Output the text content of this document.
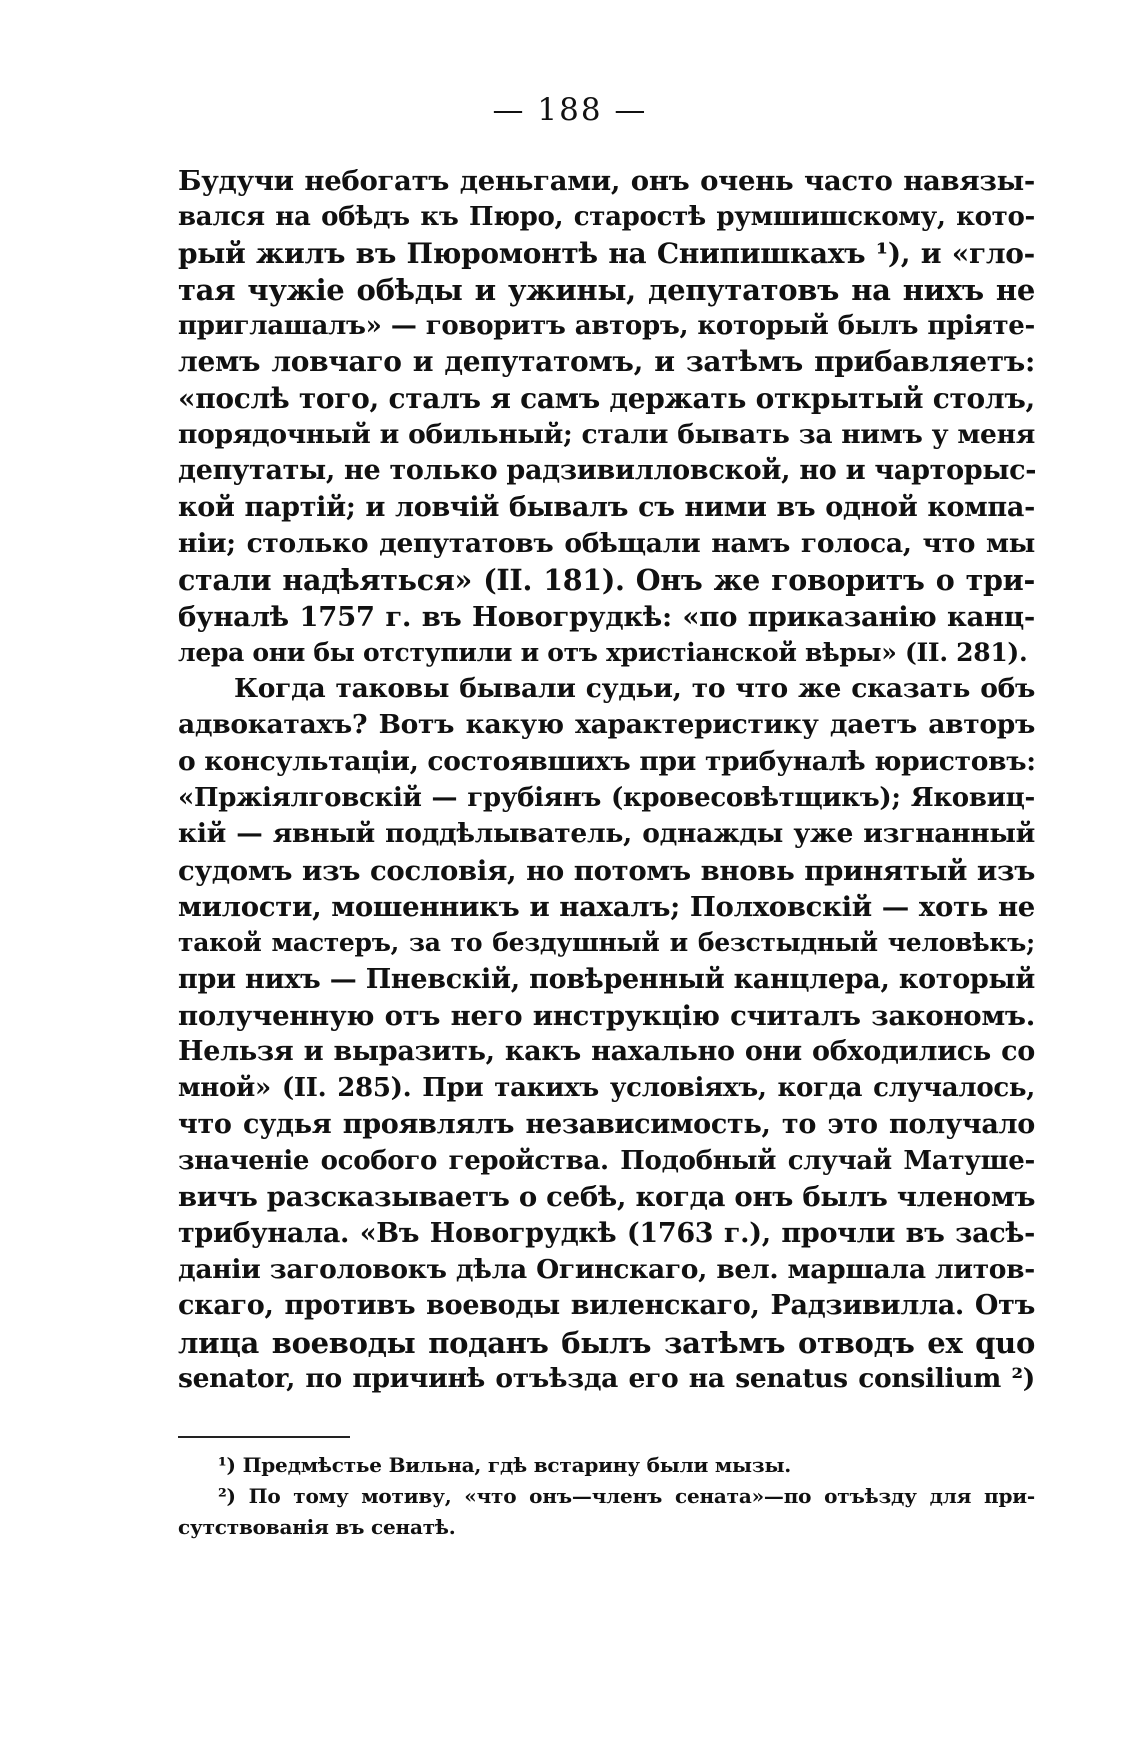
— 188 —
Будучи небогатъ деньгами, онъ очень часто навязы-
вался на обѣдъ къ Пюро, старостѣ румшишскому, кото-
рый жилъ въ Пюромонтѣ на Снипишкахъ ¹), и «гло-
тая чужіе обѣды и ужины, депутатовъ на нихъ не
приглашалъ» — говоритъ авторъ, который былъ пріяте-
лемъ ловчаго и депутатомъ, и затѣмъ прибавляетъ:
«послѣ того, сталъ я самъ держать открытый столъ,
порядочный и обильный; стали бывать за нимъ у меня
депутаты, не только радзивилловской, но и чарторыс-
кой партій; и ловчій бывалъ съ ними въ одной компа-
ніи; столько депутатовъ обѣщали намъ голоса, что мы
стали надѣяться» (II. 181). Онъ же говоритъ о три-
буналѣ 1757 г. въ Новогрудкѣ: «по приказанію канц-
лера они бы отступили и отъ христіанской вѣры» (II. 281).
Когда таковы бывали судьи, то что же сказать объ
адвокатахъ? Вотъ какую характеристику даетъ авторъ
о консультаціи, состоявшихъ при трибуналѣ юристовъ:
«Пржіялговскій — грубіянъ (кровесовѣтщикъ); Яковиц-
кій — явный поддѣлыватель, однажды уже изгнанный
судомъ изъ сословія, но потомъ вновь принятый изъ
милости, мошенникъ и нахалъ; Полховскій — хоть не
такой мастеръ, за то бездушный и безстыдный человѣкъ;
при нихъ — Пневскій, повѣренный канцлера, который
полученную отъ него инструкцію считалъ закономъ.
Нельзя и выразить, какъ нахально они обходились со
мной» (II. 285). При такихъ условіяхъ, когда случалось,
что судья проявлялъ независимость, то это получало
значеніе особого геройства. Подобный случай Матуше-
вичъ разсказываетъ о себѣ, когда онъ былъ членомъ
трибунала. «Въ Новогрудкѣ (1763 г.), прочли въ засѣ-
даніи заголовокъ дѣла Огинскаго, вел. маршала литов-
скаго, противъ воеводы виленскаго, Радзивилла. Отъ
лица воеводы поданъ былъ затѣмъ отводъ ex quo
senator, по причинѣ отъѣзда его на senatus consilium ²)
¹) Предмѣстье Вильна, гдѣ встарину были мызы.
²) По тому мотиву, «что онъ—членъ сената»—по отъѣзду для при-
сутствованія въ сенатѣ.
